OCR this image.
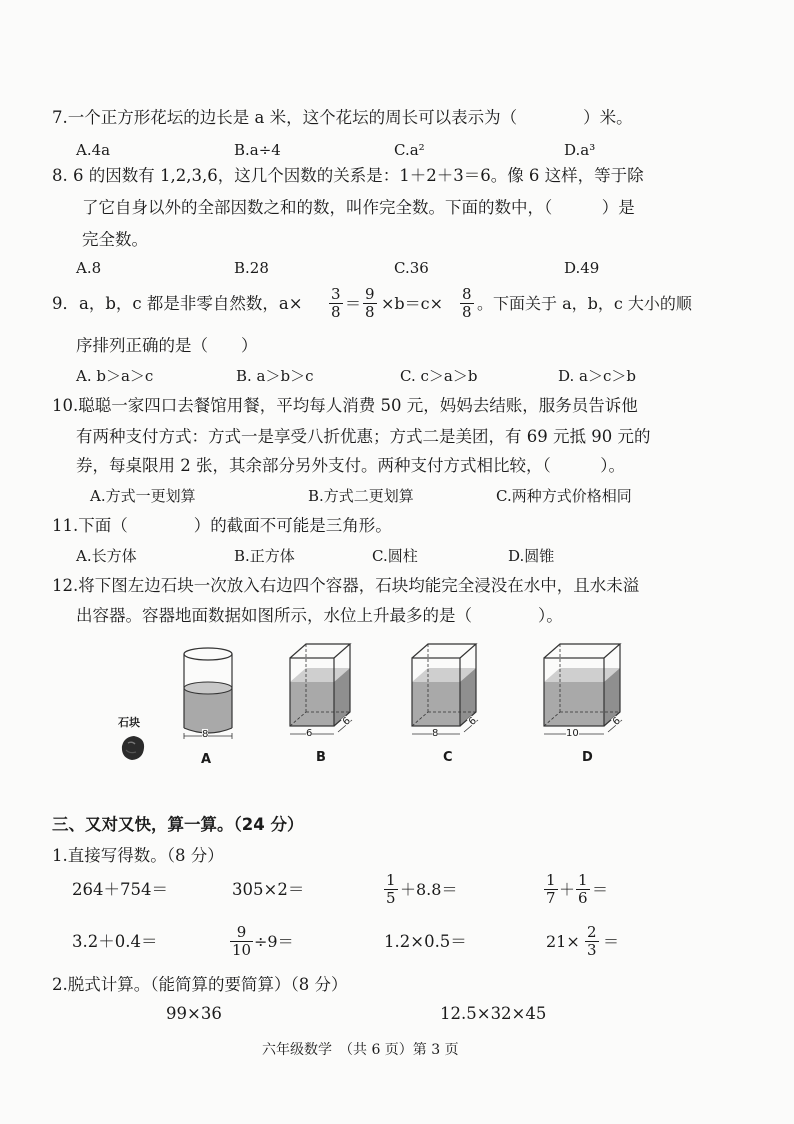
7.一个正方形花坛的边长是 a 米，这个花坛的周长可以表示为（　　　　）米。
A.4a	B.a÷4	C.a²	D.a³
8. 6 的因数有 1,2,3,6，这几个因数的关系是：1＋2＋3＝6。像 6 这样，等于除
了它自身以外的全部因数之和的数，叫作完全数。下面的数中，（　　　）是
完全数。
A.8	B.28	C.36	D.49
9．a，b，c 都是非零自然数，$a\times \frac{3}{8} = \frac{9}{8} \times b=c\times \frac{8}{8}$ 。下面关于 a，b，c 大小的顺
序排列正确的是（　　）
A. b＞a＞c	B. a＞b＞c	C. c＞a＞b	D. a＞c＞b
10.聪聪一家四口去餐馆用餐，平均每人消费 50 元，妈妈去结账，服务员告诉他
有两种支付方式：方式一是享受八折优惠；方式二是美团，有 69 元抵 90 元的
券，每桌限用 2 张，其余部分另外支付。两种支付方式相比较，（　　　）。
A.方式一更划算	B.方式二更划算	C.两种方式价格相同
11.下面（　　　　）的截面不可能是三角形。
A.长方体	B.正方体	C.圆柱	D.圆锥
12.将下图左边石块一次放入右边四个容器，石块均能完全浸没在水中，且水未溢
出容器。容器地面数据如图所示，水位上升最多的是（　　　　）。
石块
8
A
6
6
B
8
6
C
10
6
D
三、又对又快，算一算。（24 分）
1.直接写得数。（8 分）
264＋754＝	305×2＝	$\frac{1}{5} +8.8=$	$\frac{1}{7} + \frac{1}{6}$ ＝
3.2＋0.4＝	$\frac{9}{10} \div 9=$	1.2×0.5＝	$21\times \frac{2}{3}$ ＝
2.脱式计算。（能简算的要简算）（8 分）
99×36	12.5×32×45
六年级数学　（共 6 页）第 3 页
